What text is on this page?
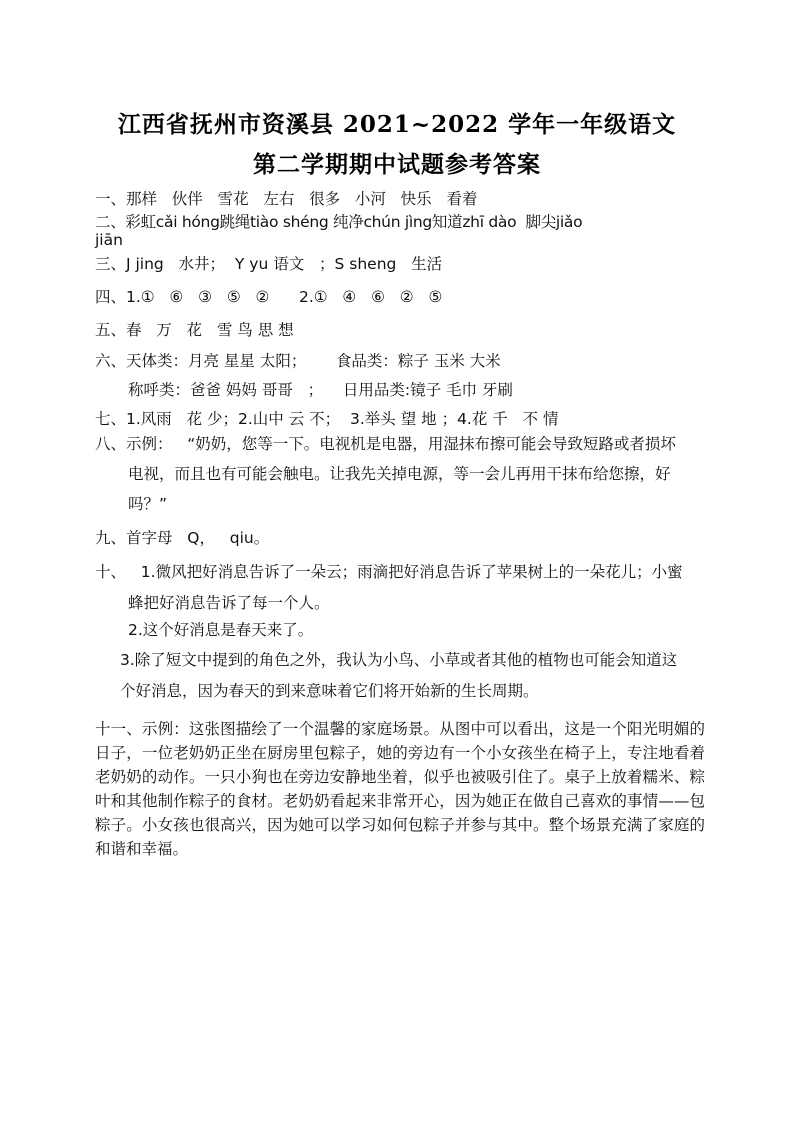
江西省抚州市资溪县 2021~2022 学年一年级语文
第二学期期中试题参考答案
一、那样   伙伴   雪花   左右   很多   小河   快乐   看着
二、彩虹cǎi hóng跳绳tiào shéng 纯净chún jìng知道zhī dào  脚尖jiǎo
jiān
三、J jing   水井；  Y yu 语文   ；S sheng   生活
四、1.①   ⑥   ③   ⑤   ②      2.①   ④   ⑥   ②   ⑤
五、春   万   花   雪 鸟 思 想
六、天体类：月亮 星星 太阳；      食品类：粽子 玉米 大米
称呼类：爸爸 妈妈 哥哥   ；    日用品类:镜子 毛巾 牙刷
七、1.风雨   花 少；2.山中 云 不；  3.举头 望 地 ；4.花 千   不 情
八、示例：   “奶奶，您等一下。电视机是电器，用湿抹布擦可能会导致短路或者损坏
电视，而且也有可能会触电。让我先关掉电源，等一会儿再用干抹布给您擦，好
吗？”
九、首字母   Q，   qiu。
十、   1.微风把好消息告诉了一朵云；雨滴把好消息告诉了苹果树上的一朵花儿；小蜜
蜂把好消息告诉了每一个人。
2.这个好消息是春天来了。
3.除了短文中提到的角色之外，我认为小鸟、小草或者其他的植物也可能会知道这
个好消息，因为春天的到来意味着它们将开始新的生长周期。
十一、示例：这张图描绘了一个温馨的家庭场景。从图中可以看出，这是一个阳光明媚的日子，一位老奶奶正坐在厨房里包粽子，她的旁边有一个小女孩坐在椅子上，专注地看着老奶奶的动作。一只小狗也在旁边安静地坐着，似乎也被吸引住了。桌子上放着糯米、粽叶和其他制作粽子的食材。老奶奶看起来非常开心，因为她正在做自己喜欢的事情——包粽子。小女孩也很高兴，因为她可以学习如何包粽子并参与其中。整个场景充满了家庭的和谐和幸福。
